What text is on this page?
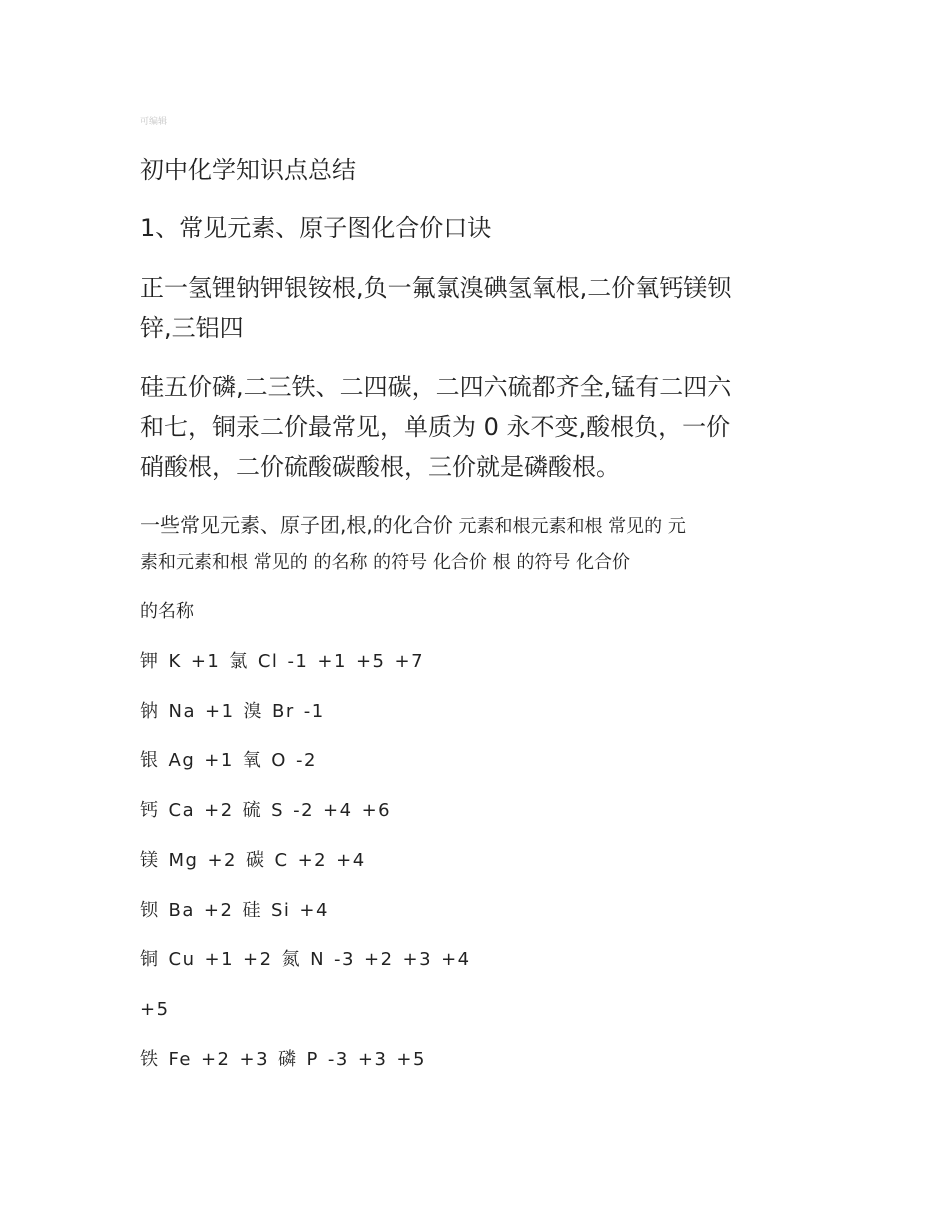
可编辑
初中化学知识点总结
1、常见元素、原子图化合价口诀
正一氢锂钠钾银铵根,负一氟氯溴碘氢氧根,二价氧钙镁钡
锌,三铝四
硅五价磷,二三铁、二四碳，二四六硫都齐全,锰有二四六
和七，铜汞二价最常见，单质为 0 永不变,酸根负，一价
硝酸根，二价硫酸碳酸根，三价就是磷酸根。
一些常见元素、原子团,根,的化合价 元素和根元素和根 常见的 元
素和元素和根 常见的 的名称 的符号 化合价 根 的符号 化合价
的名称
钾 K +1 氯 Cl -1 +1 +5 +7
钠 Na +1 溴 Br -1
银 Ag +1 氧 O -2
钙 Ca +2 硫 S -2 +4 +6
镁 Mg +2 碳 C +2 +4
钡 Ba +2 硅 Si +4
铜 Cu +1 +2 氮 N -3 +2 +3 +4
+5
铁 Fe +2 +3 磷 P -3 +3 +5
